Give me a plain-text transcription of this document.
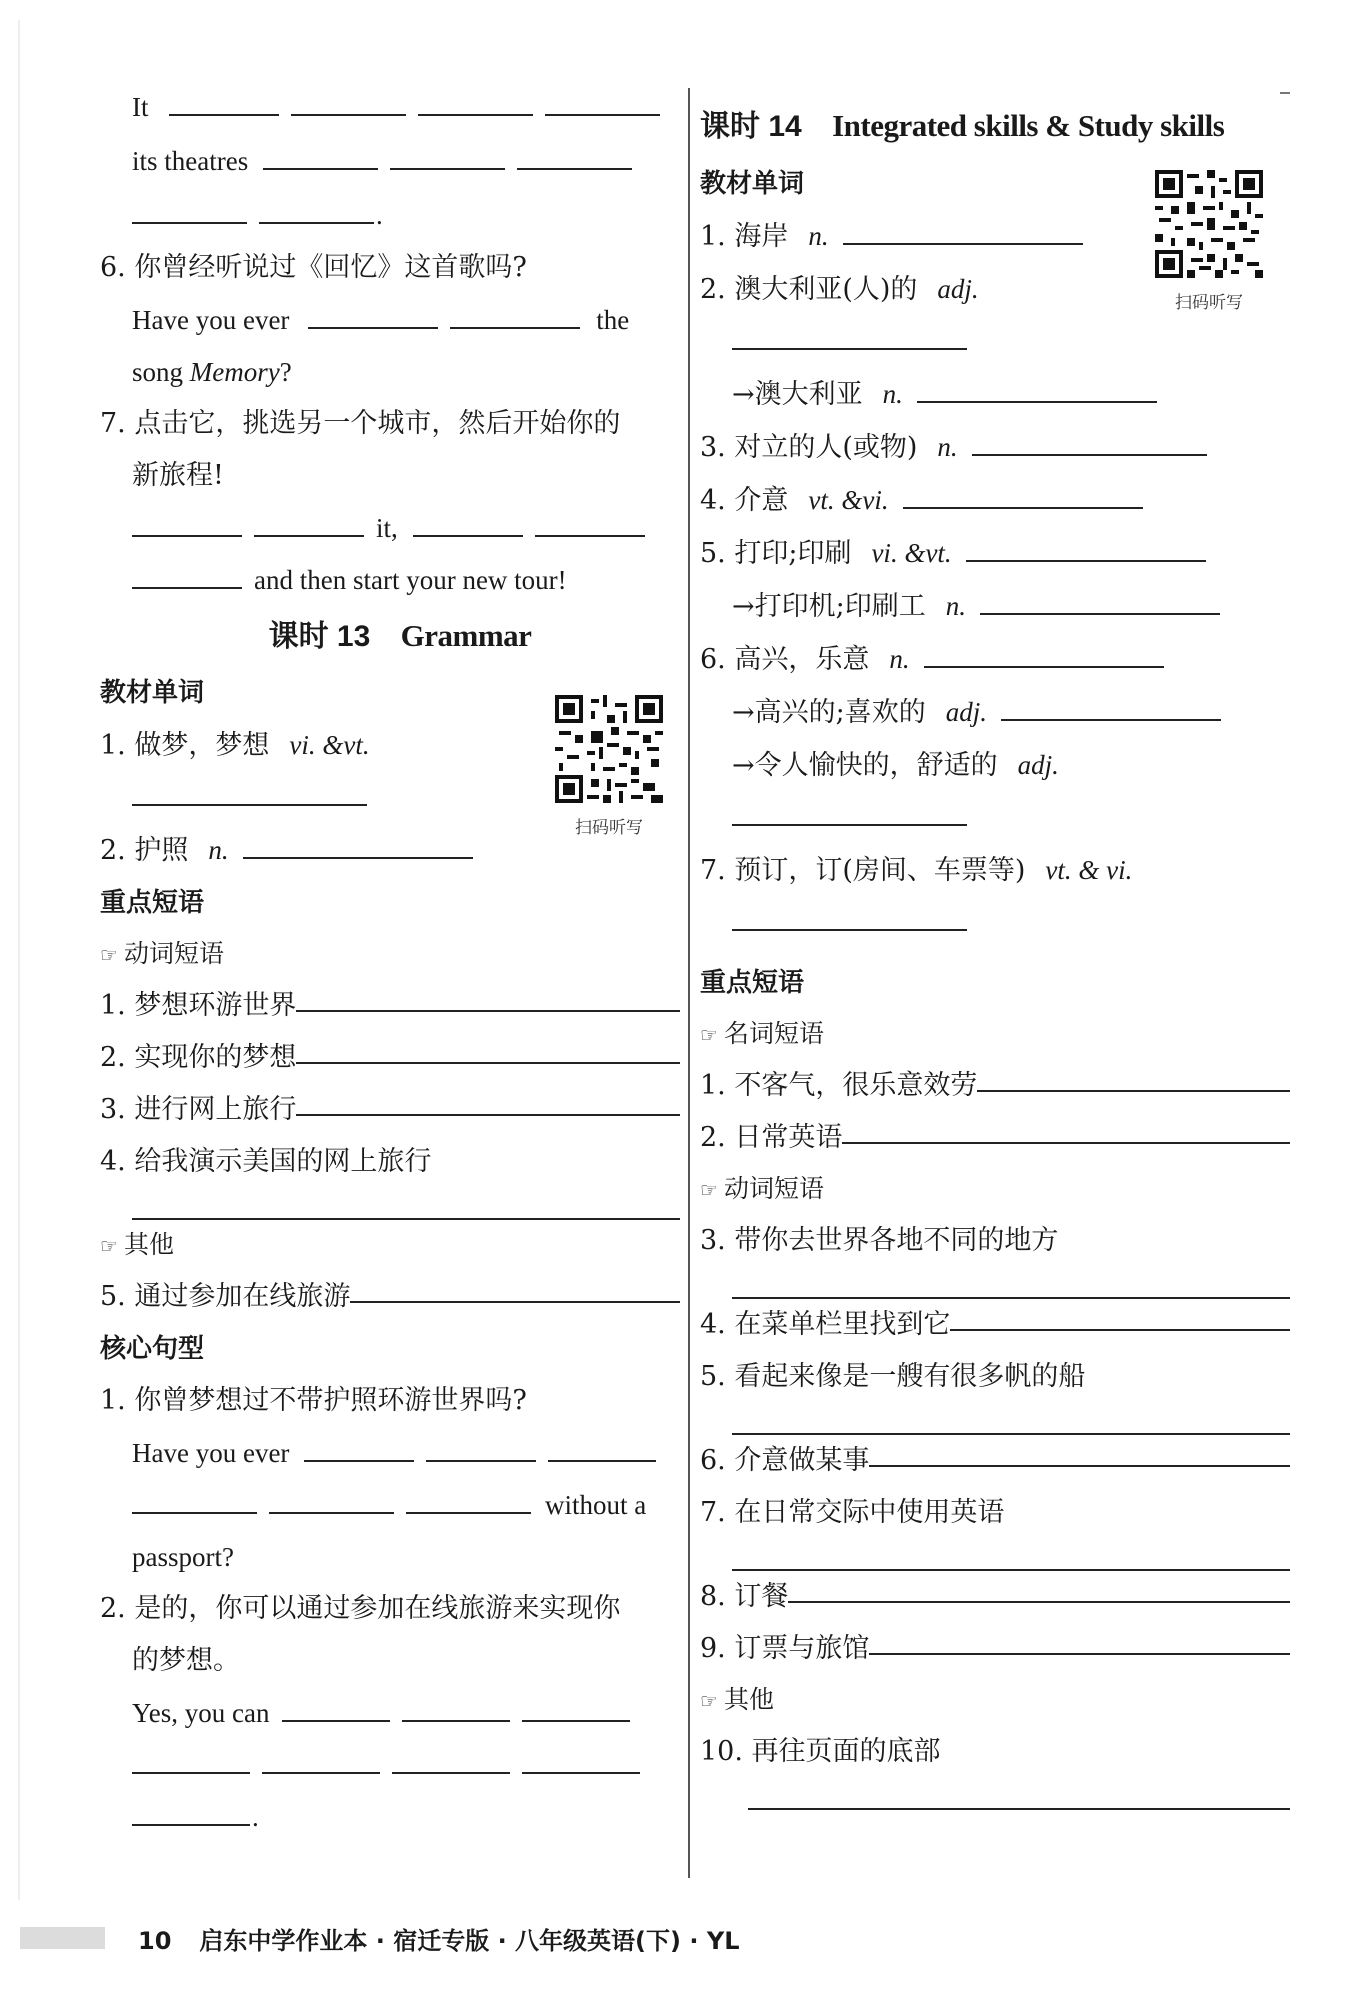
It
its theatres
.
6. 你曾经听说过《回忆》这首歌吗?
Have you ever	the
song Memory?
7. 点击它，挑选另一个城市，然后开始你的
新旅程!
it,
and then start your new tour!
课时 13 Grammar
教材单词
1. 做梦，梦想 vi. &vt.
2. 护照 n.
扫码听写
重点短语
☞ 动词短语
1. 梦想环游世界
2. 实现你的梦想
3. 进行网上旅行
4. 给我演示美国的网上旅行
☞ 其他
5. 通过参加在线旅游
核心句型
1. 你曾梦想过不带护照环游世界吗?
Have you ever
without a
passport?
2. 是的，你可以通过参加在线旅游来实现你
的梦想。
Yes, you can
.
课时 14 Integrated skills & Study skills
教材单词
1. 海岸 n.
2. 澳大利亚(人)的 adj.
→澳大利亚 n.
3. 对立的人(或物) n.
4. 介意 vt. &vi.
5. 打印;印刷 vi. &vt.
→打印机;印刷工 n.
6. 高兴，乐意 n.
→高兴的;喜欢的 adj.
→令人愉快的，舒适的 adj.
7. 预订，订(房间、车票等) vt. & vi.
扫码听写
重点短语
☞ 名词短语
1. 不客气，很乐意效劳
2. 日常英语
☞ 动词短语
3. 带你去世界各地不同的地方
4. 在菜单栏里找到它
5. 看起来像是一艘有很多帆的船
6. 介意做某事
7. 在日常交际中使用英语
8. 订餐
9. 订票与旅馆
☞ 其他
10. 再往页面的底部
10 启东中学作业本 · 宿迁专版 · 八年级英语(下) · YL
